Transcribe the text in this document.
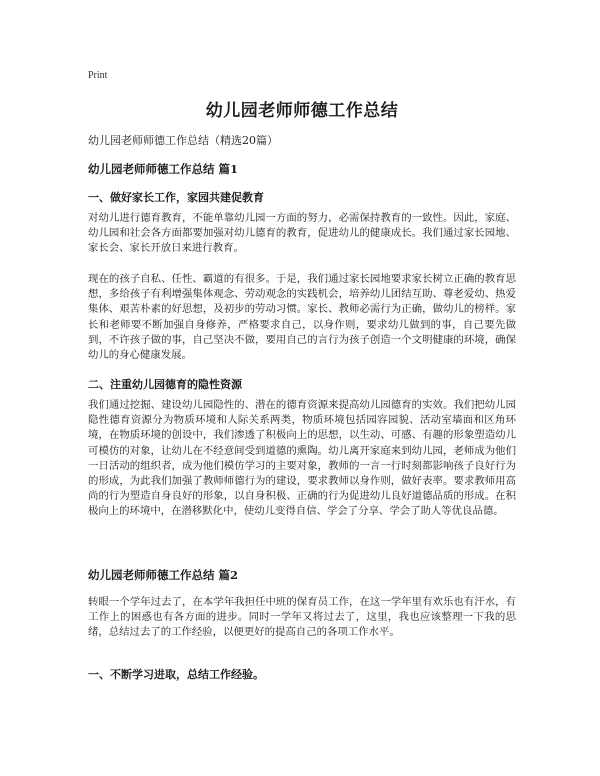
Print
幼儿园老师师德工作总结
幼儿园老师师德工作总结（精选20篇）
幼儿园老师师德工作总结 篇1
一、做好家长工作，家园共建促教育
对幼儿进行德育教育，不能单靠幼儿园一方面的努力，必需保持教育的一致性。因此，家庭、幼儿园和社会各方面都要加强对幼儿德育的教育，促进幼儿的健康成长。我们通过家长园地、家长会、家长开放日来进行教育。
现在的孩子自私、任性、霸道的有很多。于是，我们通过家长园地要求家长树立正确的教育思想，多给孩子有利增强集体观念、劳动观念的实践机会，培养幼儿团结互助、尊老爱幼、热爱集体、艰苦朴素的好思想，及初步的劳动习惯。家长、教师必需行为正确，做幼儿的榜样。家长和老师要不断加强自身修养，严格要求自己，以身作则，要求幼儿做到的事，自己要先做到，不许孩子做的事，自己坚决不做，要用自己的言行为孩子创造一个文明健康的环境，确保幼儿的身心健康发展。
二、注重幼儿园德育的隐性资源
我们通过挖掘、建设幼儿园隐性的、潜在的德育资源来提高幼儿园德育的实效。我们把幼儿园隐性德育资源分为物质环境和人际关系两类，物质环境包括园容园貌、活动室墙面和区角环境，在物质环境的创设中，我们渗透了积极向上的思想，以生动、可感、有趣的形象塑造幼儿可模仿的对象，让幼儿在不经意间受到道德的熏陶。幼儿离开家庭来到幼儿园，老师成为他们一日活动的组织者，成为他们模仿学习的主要对象，教师的一言一行时刻都影响孩子良好行为的形成，为此我们加强了教师师德行为的建设，要求教师以身作则，做好表率。要求教师用高尚的行为塑造自身良好的形象，以自身积极、正确的行为促进幼儿良好道德品质的形成。在积极向上的环境中，在潜移默化中，使幼儿变得自信、学会了分享、学会了助人等优良品德。
幼儿园老师师德工作总结 篇2
转眼一个学年过去了，在本学年我担任中班的保育员工作，在这一学年里有欢乐也有汗水，有工作上的困惑也有各方面的进步。同时一学年又将过去了，这里，我也应该整理一下我的思绪，总结过去了的工作经验，以便更好的提高自己的各项工作水平。
一、不断学习进取，总结工作经验。
